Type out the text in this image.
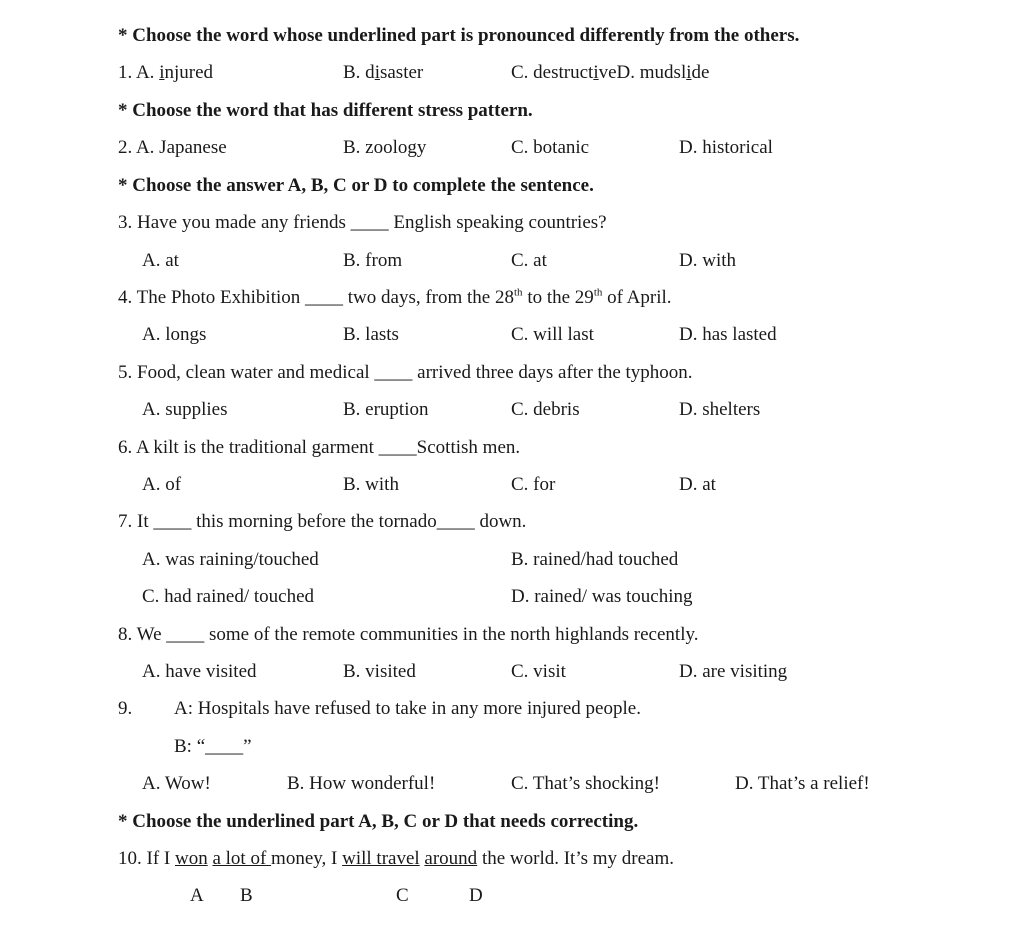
* Choose the word whose underlined part is pronounced differently from the others.
1. A. injured	B. disaster	C. destructiveD. mudslide
* Choose the word that has different stress pattern.
2. A. Japanese	B. zoology	C. botanic	D. historical
* Choose the answer A, B, C or D to complete the sentence.
3. Have you made any friends ____ English speaking countries?
A. at	B. from	C. at	D. with
4. The Photo Exhibition ____ two days, from the 28th to the 29th of April.
A. longs	B. lasts	C. will last	D. has lasted
5. Food, clean water and medical ____ arrived three days after the typhoon.
A. supplies	B. eruption	C. debris	D. shelters
6. A kilt is the traditional garment ____Scottish men.
A. of	B. with	C. for	D. at
7. It ____ this morning before the tornado____ down.
A. was raining/touched	B. rained/had touched
C. had rained/ touched	D. rained/ was touching
8. We ____ some of the remote communities in the north highlands recently.
A. have visited	B. visited	C. visit	D. are visiting
9. A: Hospitals have refused to take in any more injured people.
B: “____”
A. Wow!	B. How wonderful!	C. That’s shocking!	D. That’s a relief!
* Choose the underlined part A, B, C or D that needs correcting.
10. If I won a lot of money, I will travel around the world. It’s my dream.
A B	C	D
